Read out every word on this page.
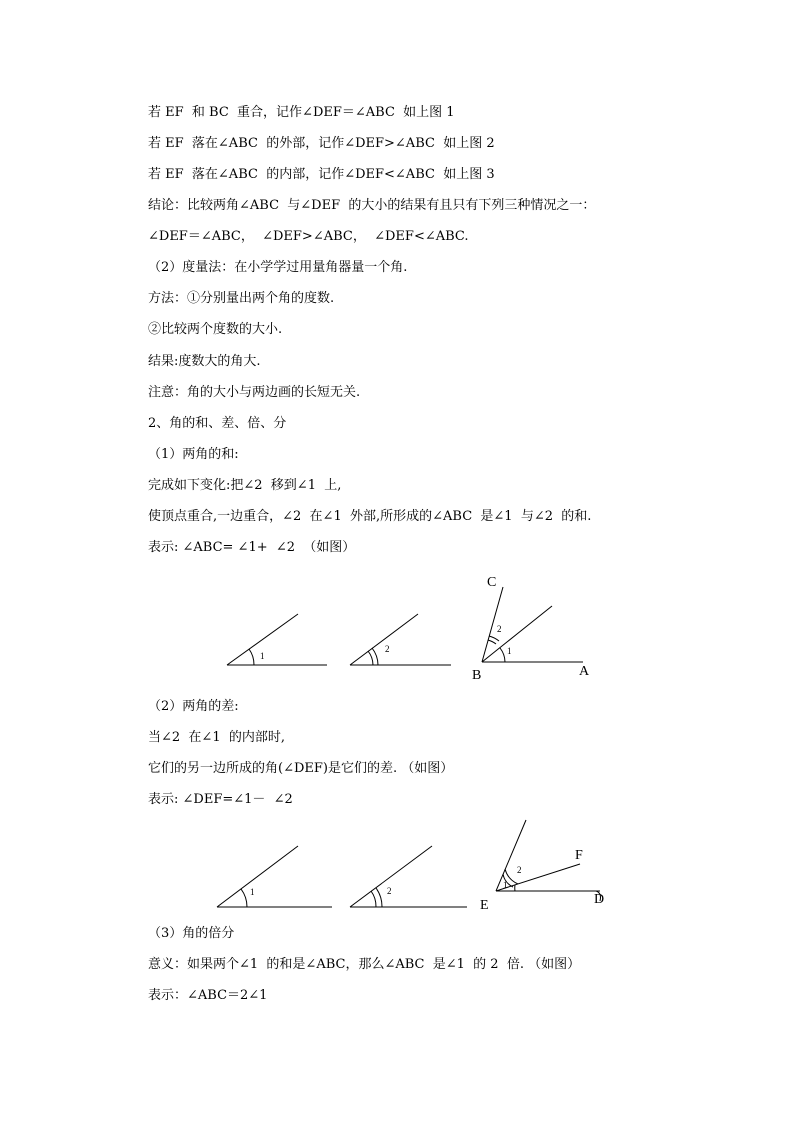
若 EF  和 BC  重合，记作∠DEF＝∠ABC  如上图 1
若 EF  落在∠ABC  的外部，记作∠DEF>∠ABC  如上图 2
若 EF  落在∠ABC  的内部，记作∠DEF<∠ABC  如上图 3
结论：比较两角∠ABC  与∠DEF  的大小的结果有且只有下列三种情况之一：
∠DEF＝∠ABC，  ∠DEF>∠ABC，  ∠DEF<∠ABC.
（2）度量法：在小学学过用量角器量一个角.
方法：①分别量出两个角的度数.
②比较两个度数的大小.
结果:度数大的角大.
注意：角的大小与两边画的长短无关.
2、角的和、差、倍、分
（1）两角的和:
完成如下变化:把∠2  移到∠1  上,
使顶点重合,一边重合，∠2  在∠1  外部,所形成的∠ABC  是∠1  与∠2  的和.
表示: ∠ABC= ∠1+  ∠2  （如图）
（2）两角的差:
当∠2  在∠1  的内部时,
它们的另一边所成的角(∠DEF)是它们的差. （如图）
表示: ∠DEF=∠1－  ∠2
（3）角的倍分
意义：如果两个∠1  的和是∠ABC，那么∠ABC  是∠1  的 2  倍. （如图）
表示：∠ABC＝2∠1
1
2
C
B	A
1
2
1	2
F
E	D
1
2
